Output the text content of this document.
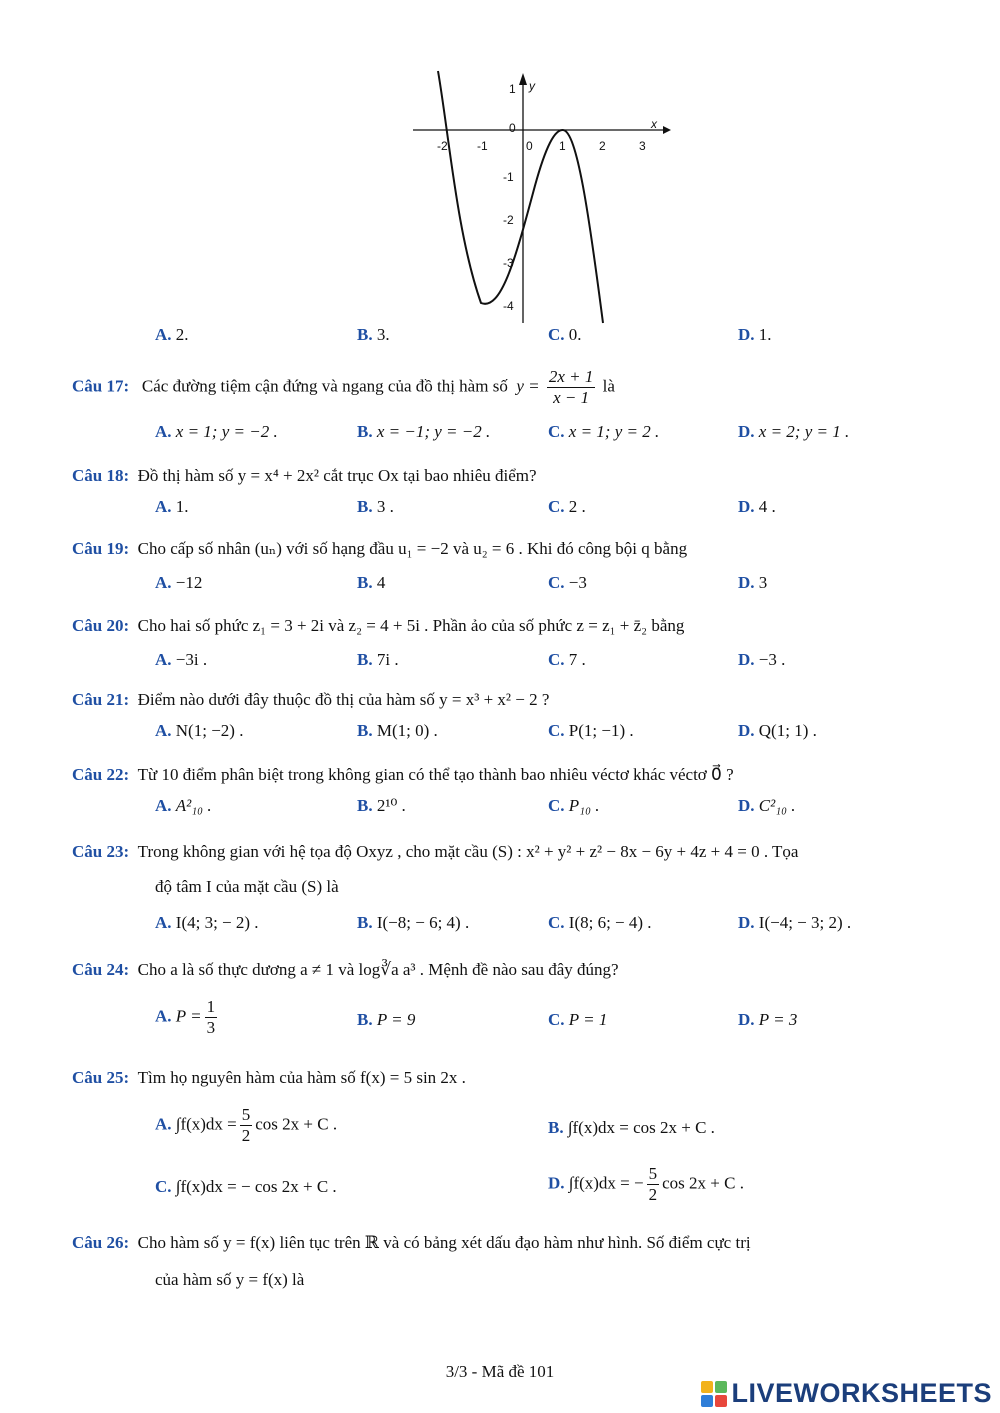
y
x
1
0
-1
-2
-3
-4
-2 -1	0 1	2	3
A. 2.	B. 3.	C. 0.	D. 1.
Câu 17: Các đường tiệm cận đứng và ngang của đồ thị hàm số $y = \frac{2x + 1}{x - 1}$ là
A. x = 1; y = −2 .	B. x = −1; y = −2 .	C. x = 1; y = 2 .	D. x = 2; y = 1 .
Câu 18: Đồ thị hàm số y = x⁴ + 2x² cắt trục Ox tại bao nhiêu điểm?
A. 1.	B. 3 .	C. 2 .	D. 4 .
Câu 19: Cho cấp số nhân (uₙ) với số hạng đầu u₁ = −2 và u₂ = 6 . Khi đó công bội q bằng
A. −12	B. 4	C. −3	D. 3
Câu 20: Cho hai số phức z₁ = 3 + 2i và z₂ = 4 + 5i . Phần ảo của số phức z = z₁ + z̄₂ bằng
A. −3i .	B. 7i .	C. 7 .	D. −3 .
Câu 21: Điểm nào dưới đây thuộc đồ thị của hàm số y = x³ + x² − 2 ?
A. N(1; −2) .	B. M(1; 0) .	C. P(1; −1) .	D. Q(1; 1) .
Câu 22: Từ 10 điểm phân biệt trong không gian có thể tạo thành bao nhiêu véctơ khác véctơ 0⃗ ?
A. A²₁₀ .	B. 2¹⁰ .	C. P₁₀ .	D. C²₁₀ .
Câu 23: Trong không gian với hệ tọa độ Oxyz , cho mặt cầu (S) : x² + y² + z² − 8x − 6y + 4z + 4 = 0 . Tọa
độ tâm I của mặt cầu (S) là
A. I(4; 3; − 2) .	B. I(−8; − 6; 4) .	C. I(8; 6; − 4) .	D. I(−4; − 3; 2) .
Câu 24: Cho a là số thực dương a ≠ 1 và log∛a a³ . Mệnh đề nào sau đây đúng?
A. $P = \frac{1}{3}$	B. P = 9	C. P = 1	D. P = 3
Câu 25: Tìm họ nguyên hàm của hàm số f(x) = 5 sin 2x .
A. $\int f(x)dx = \frac{5}{2}$ cos 2x + C .	B. ∫f(x)dx = cos 2x + C .
C. ∫f(x)dx = − cos 2x + C .	D. ∫f(x)dx = − $\frac{5}{2}$ cos 2x + C .
Câu 26: Cho hàm số y = f(x) liên tục trên ℝ và có bảng xét dấu đạo hàm như hình. Số điểm cực trị
của hàm số y = f(x) là
3/3 - Mã đề 101
LIVEWORKSHEETS
